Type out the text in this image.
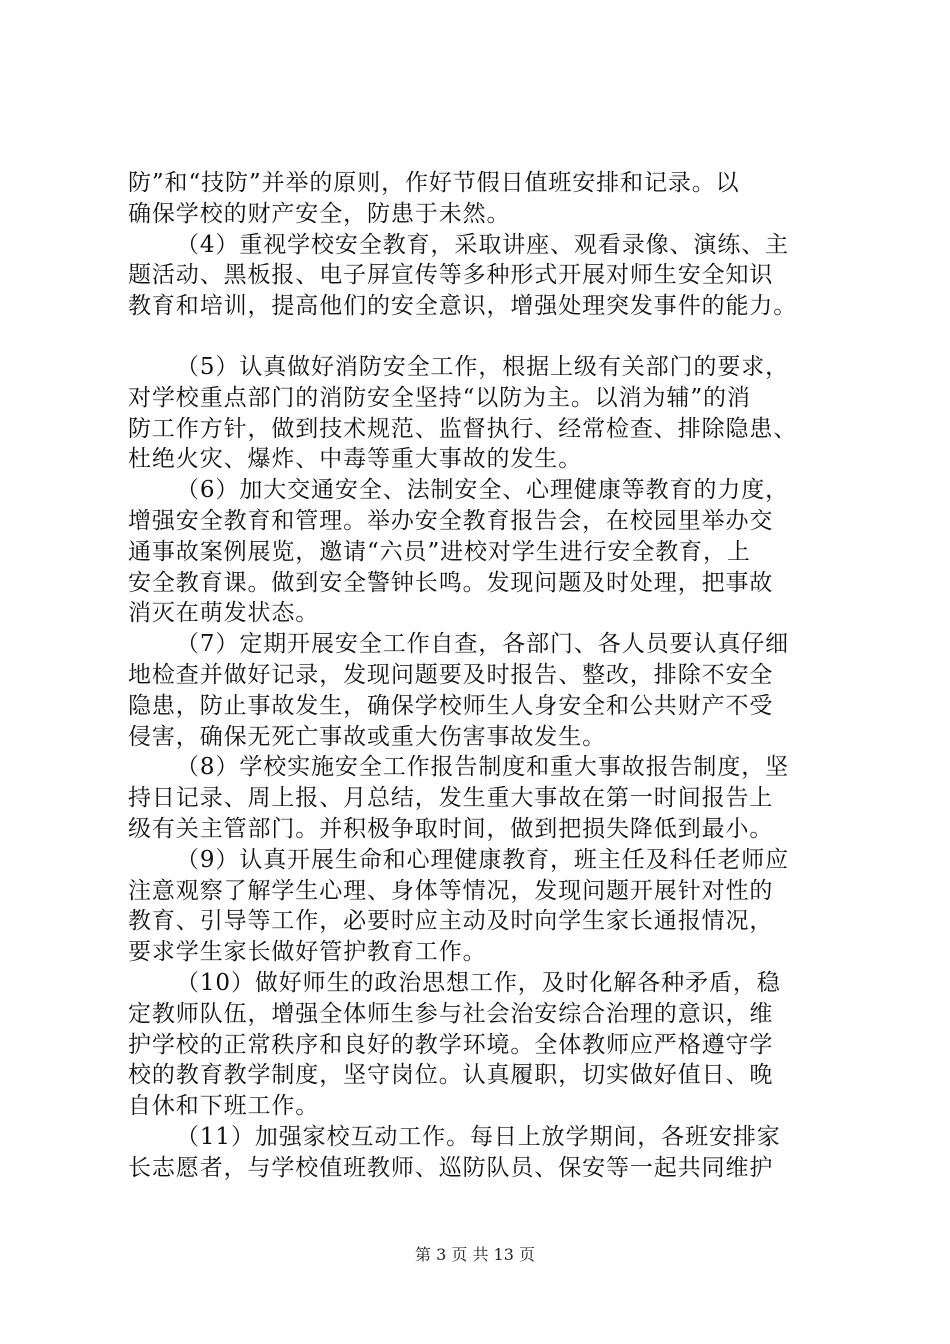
防”和“技防”并举的原则，作好节假日值班安排和记录。以
确保学校的财产安全，防患于未然。
（4）重视学校安全教育，采取讲座、观看录像、演练、主
题活动、黑板报、电子屏宣传等多种形式开展对师生安全知识
教育和培训，提高他们的安全意识，增强处理突发事件的能力。
（5）认真做好消防安全工作，根据上级有关部门的要求，
对学校重点部门的消防安全坚持“以防为主。以消为辅”的消
防工作方针，做到技术规范、监督执行、经常检查、排除隐患、
杜绝火灾、爆炸、中毒等重大事故的发生。
（6）加大交通安全、法制安全、心理健康等教育的力度，
增强安全教育和管理。举办安全教育报告会，在校园里举办交
通事故案例展览，邀请“六员”进校对学生进行安全教育，上
安全教育课。做到安全警钟长鸣。发现问题及时处理，把事故
消灭在萌发状态。
（7）定期开展安全工作自查，各部门、各人员要认真仔细
地检查并做好记录，发现问题要及时报告、整改，排除不安全
隐患，防止事故发生，确保学校师生人身安全和公共财产不受
侵害，确保无死亡事故或重大伤害事故发生。
（8）学校实施安全工作报告制度和重大事故报告制度，坚
持日记录、周上报、月总结，发生重大事故在第一时间报告上
级有关主管部门。并积极争取时间，做到把损失降低到最小。
（9）认真开展生命和心理健康教育，班主任及科任老师应
注意观察了解学生心理、身体等情况，发现问题开展针对性的
教育、引导等工作，必要时应主动及时向学生家长通报情况，
要求学生家长做好管护教育工作。
（10）做好师生的政治思想工作，及时化解各种矛盾，稳
定教师队伍，增强全体师生参与社会治安综合治理的意识，维
护学校的正常秩序和良好的教学环境。全体教师应严格遵守学
校的教育教学制度，坚守岗位。认真履职，切实做好值日、晚
自休和下班工作。
（11）加强家校互动工作。每日上放学期间，各班安排家
长志愿者，与学校值班教师、巡防队员、保安等一起共同维护
第 3 页 共 13 页
